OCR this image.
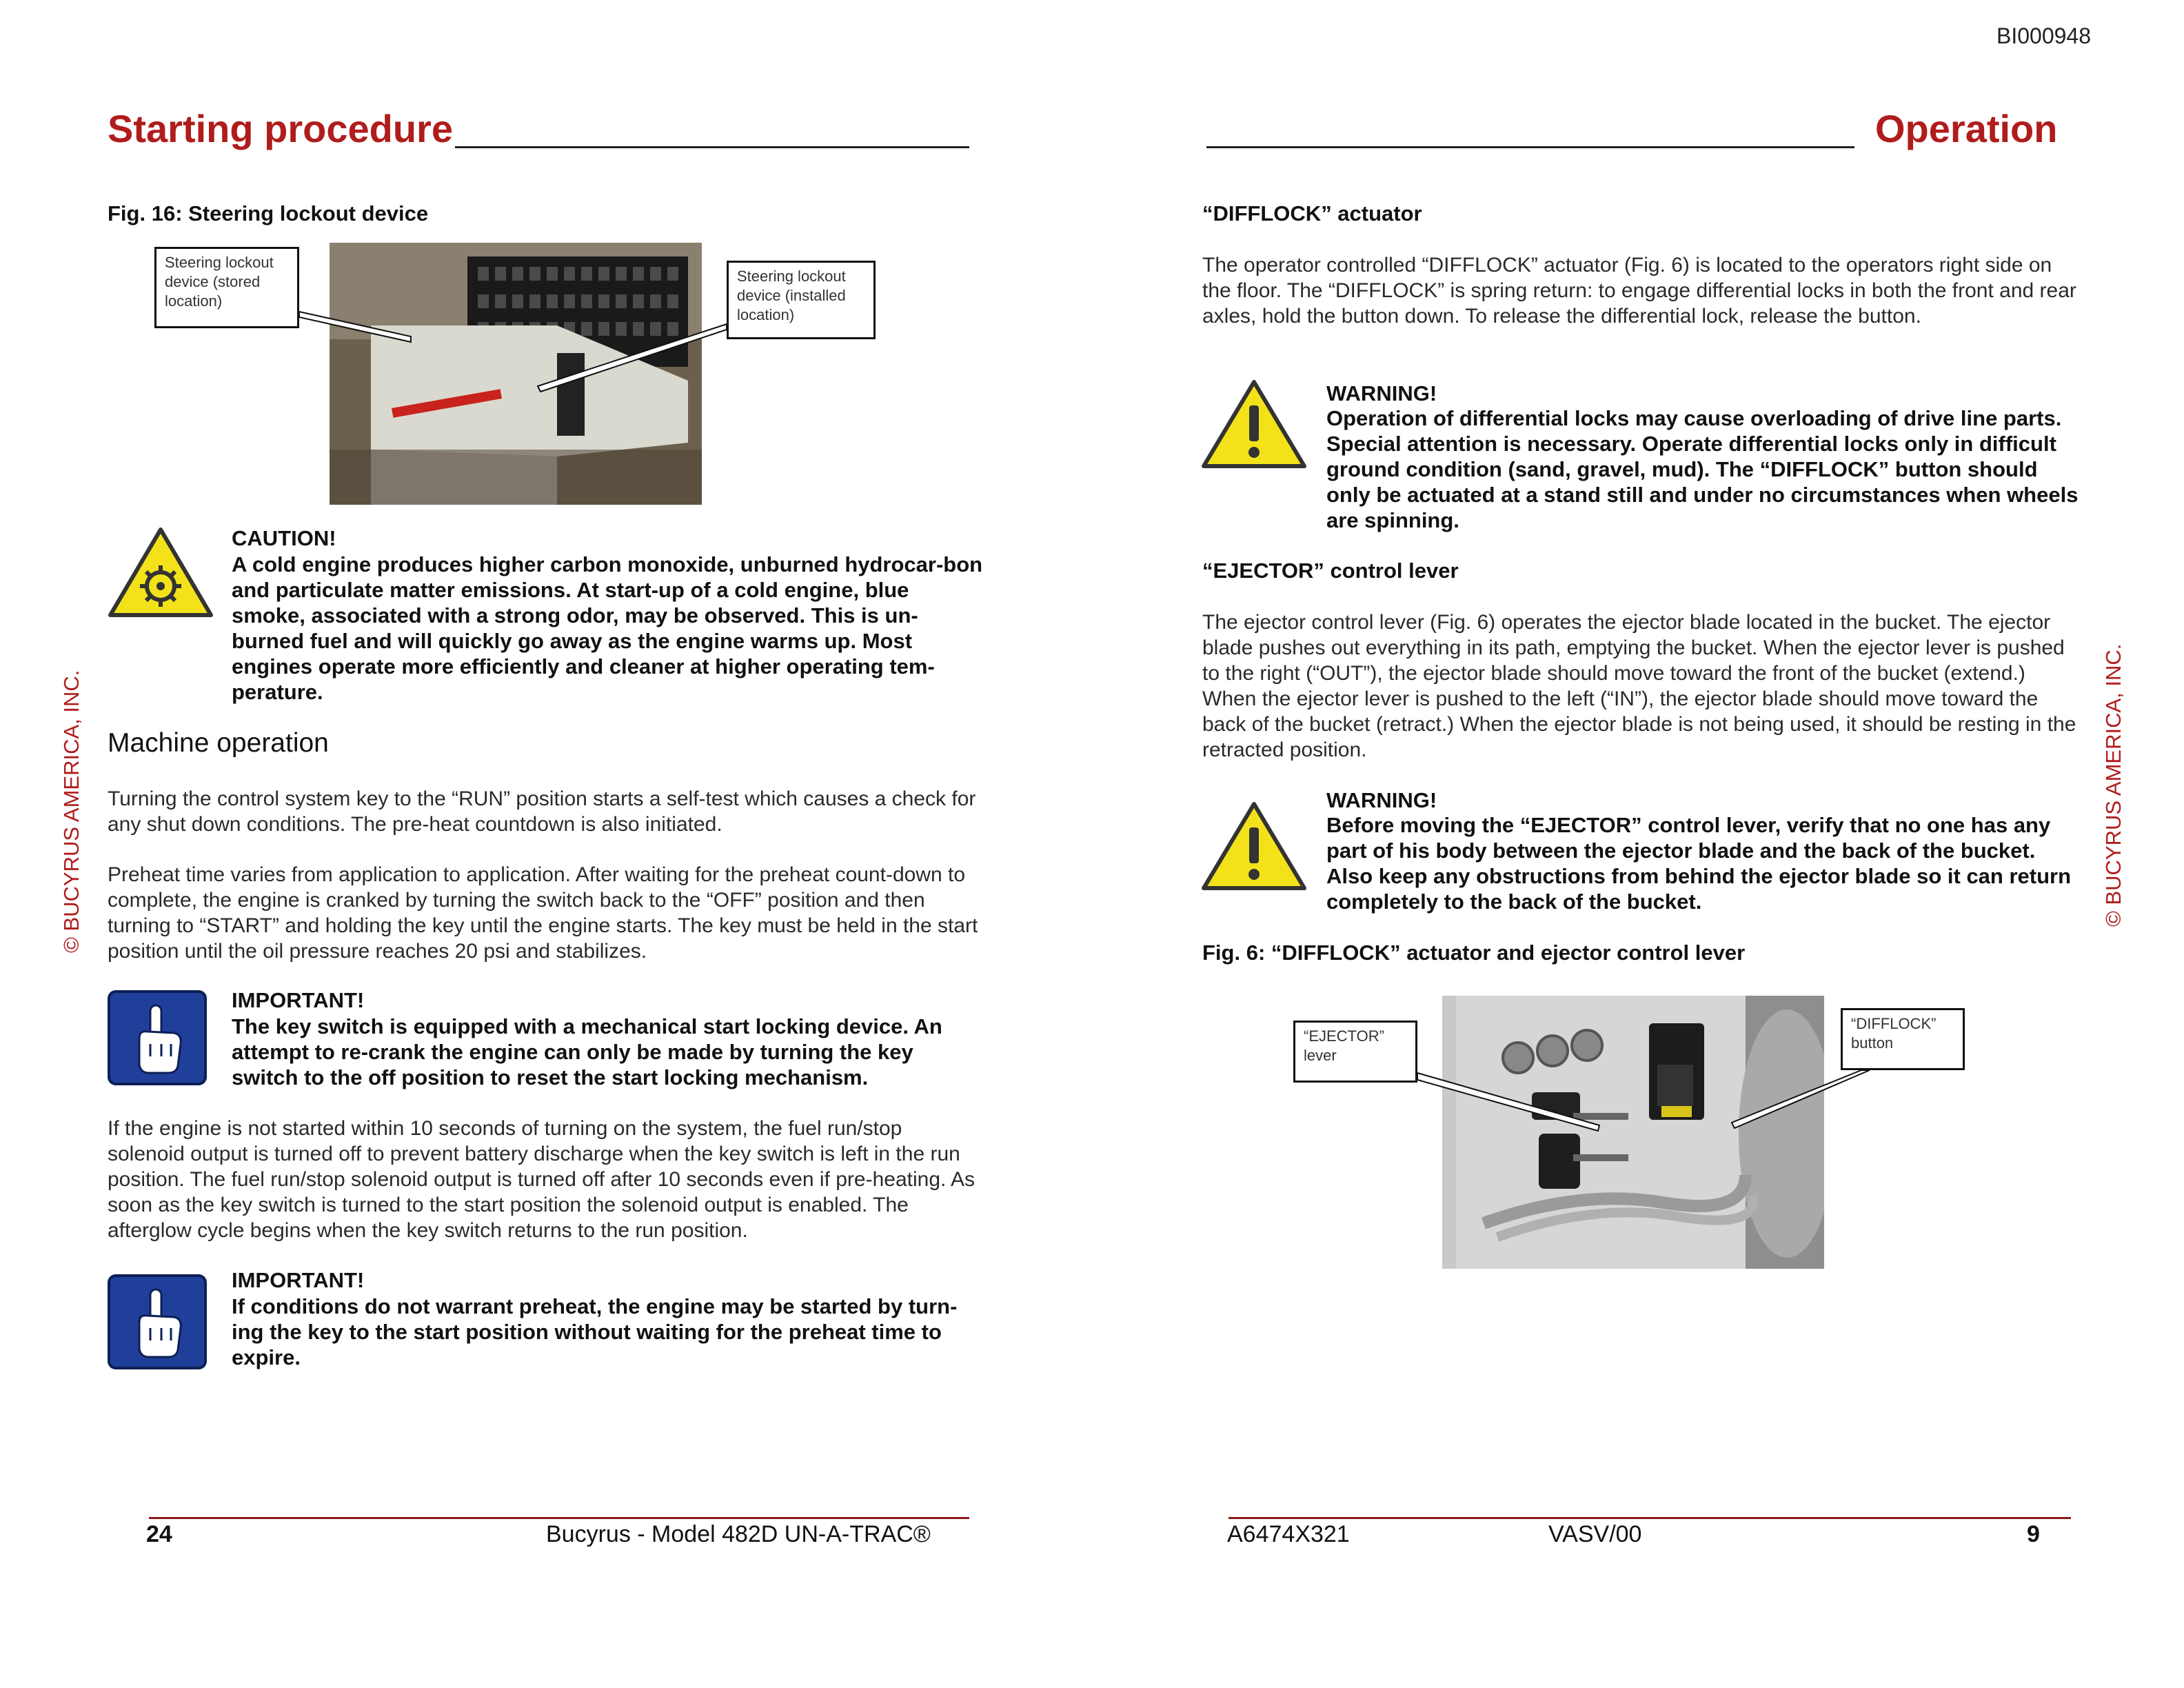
BI000948
Starting procedure
Fig. 16: Steering lockout device
Steering lockout device (stored location)
Steering lockout device (installed location)
CAUTION!
A cold engine produces higher carbon monoxide, unburned hydrocar-bon and particulate matter emissions. At start-up of a cold engine, blue smoke, associated with a strong odor, may be observed. This is un-burned fuel and will quickly go away as the engine warms up. Most engines operate more efficiently and cleaner at higher operating tem-perature.
Machine operation
Turning the control system key to the “RUN” position starts a self-test which causes a check for any shut down conditions. The pre-heat countdown is also initiated.
Preheat time varies from application to application. After waiting for the preheat count-down to complete, the engine is cranked by turning the switch back to the “OFF” position and then turning to “START” and holding the key until the engine starts. The key must be held in the start position until the oil pressure reaches 20 psi and stabilizes.
IMPORTANT!
The key switch is equipped with a mechanical start locking device. An attempt to re-crank the engine can only be made by turning the key switch to the off position to reset the start locking mechanism.
If the engine is not started within 10 seconds of turning on the system, the fuel run/stop solenoid output is turned off to prevent battery discharge when the key switch is left in the run position. The fuel run/stop solenoid output is turned off after 10 seconds even if pre-heating. As soon as the key switch is turned to the start position the solenoid output is enabled. The afterglow cycle begins when the key switch returns to the run position.
IMPORTANT!
If conditions do not warrant preheat, the engine may be started by turn-ing the key to the start position without waiting for the preheat time to expire.
24	Bucyrus - Model 482D UN-A-TRAC®
© BUCYRUS AMERICA, INC.
Operation
“DIFFLOCK” actuator
The operator controlled “DIFFLOCK” actuator (Fig. 6) is located to the operators right side on the floor. The “DIFFLOCK” is spring return: to engage differential locks in both the front and rear axles, hold the button down. To release the differential lock, release the button.
WARNING!
Operation of differential locks may cause overloading of drive line parts. Special attention is necessary. Operate differential locks only in difficult ground condition (sand, gravel, mud). The “DIFFLOCK” button should only be actuated at a stand still and under no circumstances when wheels are spinning.
“EJECTOR” control lever
The ejector control lever (Fig. 6) operates the ejector blade located in the bucket. The ejector blade pushes out everything in its path, emptying the bucket. When the ejector lever is pushed to the right (“OUT”), the ejector blade should move toward the front of the bucket (extend.) When the ejector lever is pushed to the left (“IN”), the ejector blade should move toward the back of the bucket (retract.) When the ejector blade is not being used, it should be resting in the retracted position.
WARNING!
Before moving the “EJECTOR” control lever, verify that no one has any part of his body between the ejector blade and the back of the bucket. Also keep any obstructions from behind the ejector blade so it can return completely to the back of the bucket.
Fig. 6: “DIFFLOCK” actuator and ejector control lever
“EJECTOR” lever
“DIFFLOCK” button
A6474X321	VASV/00	9
© BUCYRUS AMERICA, INC.
